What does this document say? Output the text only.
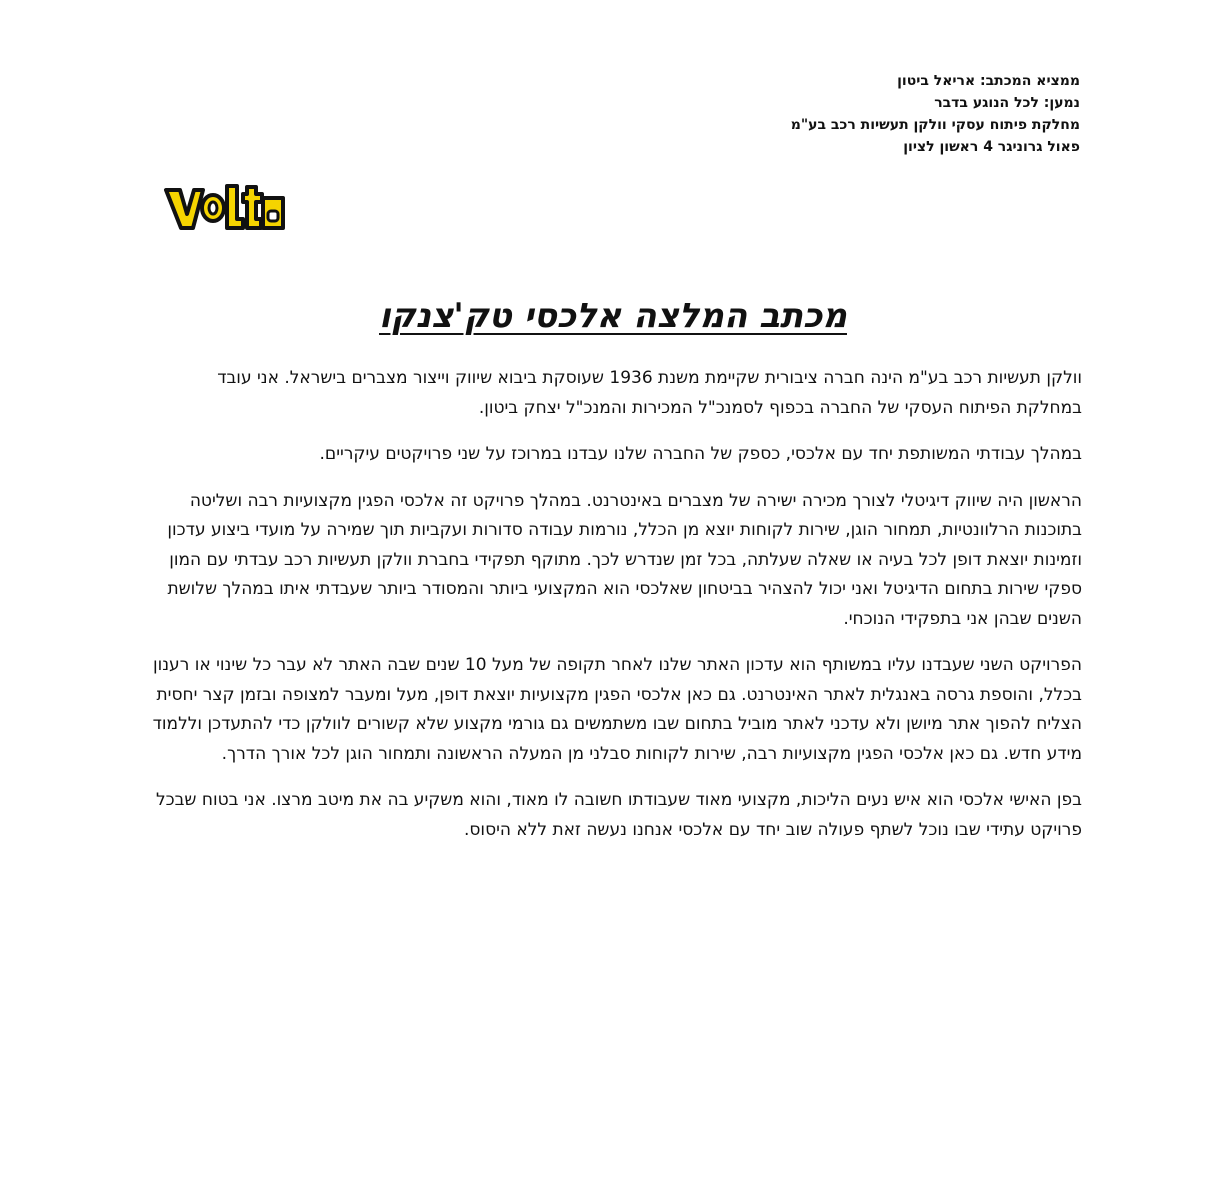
ממציא המכתב: אריאל ביטון
נמען: לכל הנוגע בדבר
מחלקת פיתוח עסקי וולקן תעשיות רכב בע"מ
פאול גרוניגר 4 ראשון לציון
VOLTA
מכתב המלצה אלכסי טק'צנקו

וולקן תעשיות רכב בע"מ הינה חברה ציבורית שקיימת משנת 1936 שעוסקת ביבוא שיווק וייצור מצברים בישראל. אני עובד במחלקת הפיתוח העסקי של החברה בכפוף לסמנכ"ל המכירות והמנכ"ל יצחק ביטון.

במהלך עבודתי המשותפת יחד עם אלכסי, כספק של החברה שלנו עבדנו במרוכז על שני פרויקטים עיקריים.

הראשון היה שיווק דיגיטלי לצורך מכירה ישירה של מצברים באינטרנט. במהלך פרויקט זה אלכסי הפגין מקצועיות רבה ושליטה בתוכנות הרלוונטיות, תמחור הוגן, שירות לקוחות יוצא מן הכלל, נורמות עבודה סדורות ועקביות תוך שמירה על מועדי ביצוע עדכון וזמינות יוצאת דופן לכל בעיה או שאלה שעלתה, בכל זמן שנדרש לכך. מתוקף תפקידי בחברת וולקן תעשיות רכב עבדתי עם המון ספקי שירות בתחום הדיגיטל ואני יכול להצהיר בביטחון שאלכסי הוא המקצועי ביותר והמסודר ביותר שעבדתי איתו במהלך שלושת השנים שבהן אני בתפקידי הנוכחי.

הפרויקט השני שעבדנו עליו במשותף הוא עדכון האתר שלנו לאחר תקופה של מעל 10 שנים שבה האתר לא עבר כל שינוי או רענון בכלל, והוספת גרסה באנגלית לאתר האינטרנט. גם כאן אלכסי הפגין מקצועיות יוצאת דופן, מעל ומעבר למצופה ובזמן קצר יחסית הצליח להפוך אתר מיושן ולא עדכני לאתר מוביל בתחום שבו משתמשים גם גורמי מקצוע שלא קשורים לוולקן כדי להתעדכן וללמוד מידע חדש. גם כאן אלכסי הפגין מקצועיות רבה, שירות לקוחות סבלני מן המעלה הראשונה ותמחור הוגן לכל אורך הדרך.

בפן האישי אלכסי הוא איש נעים הליכות, מקצועי מאוד שעבודתו חשובה לו מאוד, והוא משקיע בה את מיטב מרצו. אני בטוח שבכל פרויקט עתידי שבו נוכל לשתף פעולה שוב יחד עם אלכסי אנחנו נעשה זאת ללא היסוס.
